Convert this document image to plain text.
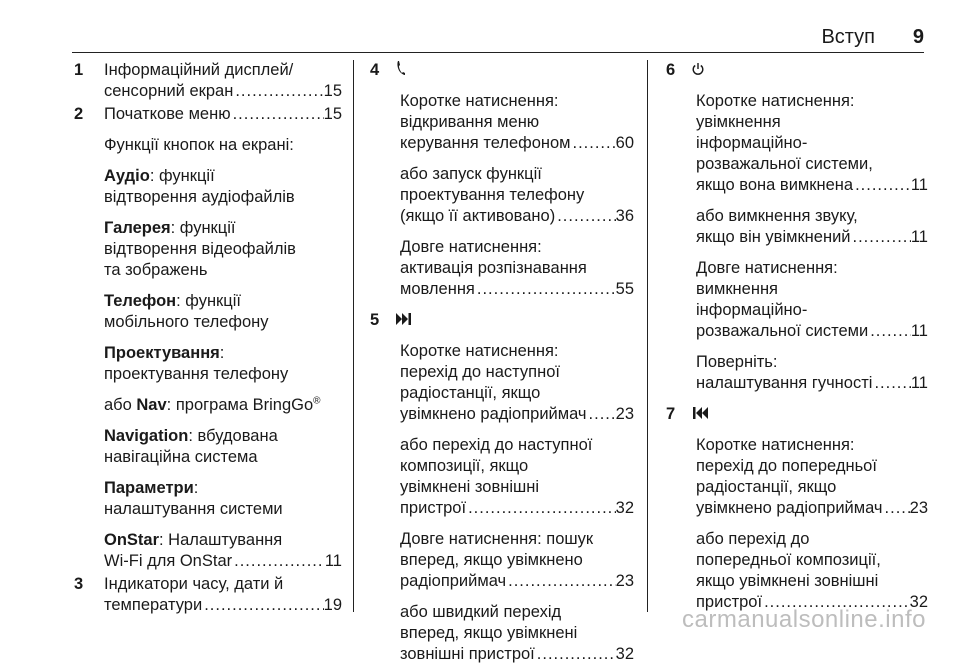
Вступ 9
1 Інформаційний дисплей/
сенсорний екран .....	15
2 Початкове меню .....	15
Функції кнопок на екрані:
Аудіо: функції
відтворення аудіофайлів
Галерея: функції
відтворення відеофайлів
та зображень
Телефон: функції
мобільного телефону
Проектування:
проектування телефону
або Nav: програма BringGo®
Navigation: вбудована
навігаційна система
Параметри:
налаштування системи
OnStar: Налаштування
Wi-Fi для OnStar .....	11
3 Індикатори часу, дати й
температури .....	19
4
Коротке натиснення:
відкривання меню
керування телефоном .....	60
або запуск функції
проектування телефону
(якщо її активовано) .....	36
Довге натиснення:
активація розпізнавання
мовлення .....	55
5
Коротке натиснення:
перехід до наступної
радіостанції, якщо
увімкнено радіоприймач ..... 23
або перехід до наступної
композиції, якщо
увімкнені зовнішні
пристрої .....	32
Довге натиснення: пошук
вперед, якщо увімкнено
радіоприймач .....	23
або швидкий перехід
вперед, якщо увімкнені
зовнішні пристрої .....	32
6
Коротке натиснення:
увімкнення
інформаційно-
розважальної системи,
якщо вона вимкнена .....	11
або вимкнення звуку,
якщо він увімкнений .....	11
Довге натиснення:
вимкнення
інформаційно-
розважальної системи .....	11
Поверніть:
налаштування гучності ..... 11
7
Коротке натиснення:
перехід до попередньої
радіостанції, якщо
увімкнено радіоприймач ..... 23
або перехід до
попередньої композиції,
якщо увімкнені зовнішні
пристрої .....	32
carmanualsonline.info
